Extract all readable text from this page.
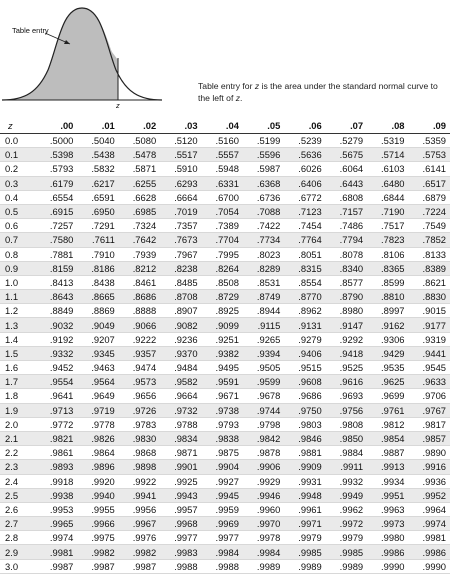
Table entry
z
Table entry for z is the area under the standard normal curve to the left of z.
z	.00	.01	.02	.03	.04	.05	.06	.07	.08	.09
0.0	.5000	.5040	.5080	.5120	.5160	.5199	.5239	.5279	.5319	.5359
0.1	.5398	.5438	.5478	.5517	.5557	.5596	.5636	.5675	.5714	.5753
0.2	.5793	.5832	.5871	.5910	.5948	.5987	.6026	.6064	.6103	.6141
0.3	.6179	.6217	.6255	.6293	.6331	.6368	.6406	.6443	.6480	.6517
0.4	.6554	.6591	.6628	.6664	.6700	.6736	.6772	.6808	.6844	.6879
0.5	.6915	.6950	.6985	.7019	.7054	.7088	.7123	.7157	.7190	.7224
0.6	.7257	.7291	.7324	.7357	.7389	.7422	.7454	.7486	.7517	.7549
0.7	.7580	.7611	.7642	.7673	.7704	.7734	.7764	.7794	.7823	.7852
0.8	.7881	.7910	.7939	.7967	.7995	.8023	.8051	.8078	.8106	.8133
0.9	.8159	.8186	.8212	.8238	.8264	.8289	.8315	.8340	.8365	.8389
1.0	.8413	.8438	.8461	.8485	.8508	.8531	.8554	.8577	.8599	.8621
1.1	.8643	.8665	.8686	.8708	.8729	.8749	.8770	.8790	.8810	.8830
1.2	.8849	.8869	.8888	.8907	.8925	.8944	.8962	.8980	.8997	.9015
1.3	.9032	.9049	.9066	.9082	.9099	.9115	.9131	.9147	.9162	.9177
1.4	.9192	.9207	.9222	.9236	.9251	.9265	.9279	.9292	.9306	.9319
1.5	.9332	.9345	.9357	.9370	.9382	.9394	.9406	.9418	.9429	.9441
1.6	.9452	.9463	.9474	.9484	.9495	.9505	.9515	.9525	.9535	.9545
1.7	.9554	.9564	.9573	.9582	.9591	.9599	.9608	.9616	.9625	.9633
1.8	.9641	.9649	.9656	.9664	.9671	.9678	.9686	.9693	.9699	.9706
1.9	.9713	.9719	.9726	.9732	.9738	.9744	.9750	.9756	.9761	.9767
2.0	.9772	.9778	.9783	.9788	.9793	.9798	.9803	.9808	.9812	.9817
2.1	.9821	.9826	.9830	.9834	.9838	.9842	.9846	.9850	.9854	.9857
2.2	.9861	.9864	.9868	.9871	.9875	.9878	.9881	.9884	.9887	.9890
2.3	.9893	.9896	.9898	.9901	.9904	.9906	.9909	.9911	.9913	.9916
2.4	.9918	.9920	.9922	.9925	.9927	.9929	.9931	.9932	.9934	.9936
2.5	.9938	.9940	.9941	.9943	.9945	.9946	.9948	.9949	.9951	.9952
2.6	.9953	.9955	.9956	.9957	.9959	.9960	.9961	.9962	.9963	.9964
2.7	.9965	.9966	.9967	.9968	.9969	.9970	.9971	.9972	.9973	.9974
2.8	.9974	.9975	.9976	.9977	.9977	.9978	.9979	.9979	.9980	.9981
2.9	.9981	.9982	.9982	.9983	.9984	.9984	.9985	.9985	.9986	.9986
3.0	.9987	.9987	.9987	.9988	.9988	.9989	.9989	.9989	.9990	.9990
